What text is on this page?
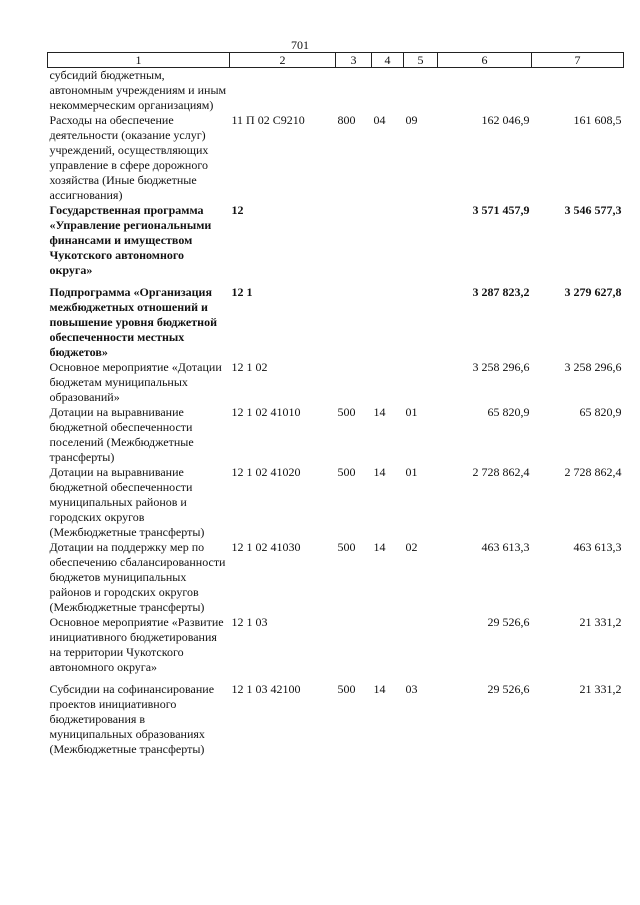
701
1	2	3	4	5	6	7
субсидий бюджетным, автономным учреждениям и иным некоммерческим организациям)						
Расходы на обеспечение деятельности (оказание услуг) учреждений, осуществляющих управление в сфере дорожного хозяйства (Иные бюджетные ассигнования)	11 П 02 С9210	800	04	09	162 046,9	161 608,5
Государственная программа «Управление региональными финансами и имуществом Чукотского автономного округа»	12				3 571 457,9	3 546 577,3

Подпрограмма «Организация межбюджетных отношений и повышение уровня бюджетной обеспеченности местных бюджетов»	12 1				3 287 823,2	3 279 627,8
Основное мероприятие «Дотации бюджетам муниципальных образований»	12 1 02				3 258 296,6	3 258 296,6
Дотации на выравнивание бюджетной обеспеченности поселений (Межбюджетные трансферты)	12 1 02 41010	500	14	01	65 820,9	65 820,9
Дотации на выравнивание бюджетной обеспеченности муниципальных районов и городских округов (Межбюджетные трансферты)	12 1 02 41020	500	14	01	2 728 862,4	2 728 862,4
Дотации на поддержку мер по обеспечению сбалансированности бюджетов муниципальных районов и городских округов (Межбюджетные трансферты)	12 1 02 41030	500	14	02	463 613,3	463 613,3
Основное мероприятие «Развитие инициативного бюджетирования на территории Чукотского автономного округа»	12 1 03				29 526,6	21 331,2

Субсидии на софинансирование проектов инициативного бюджетирования в муниципальных образованиях (Межбюджетные трансферты)	12 1 03 42100	500	14	03	29 526,6	21 331,2
